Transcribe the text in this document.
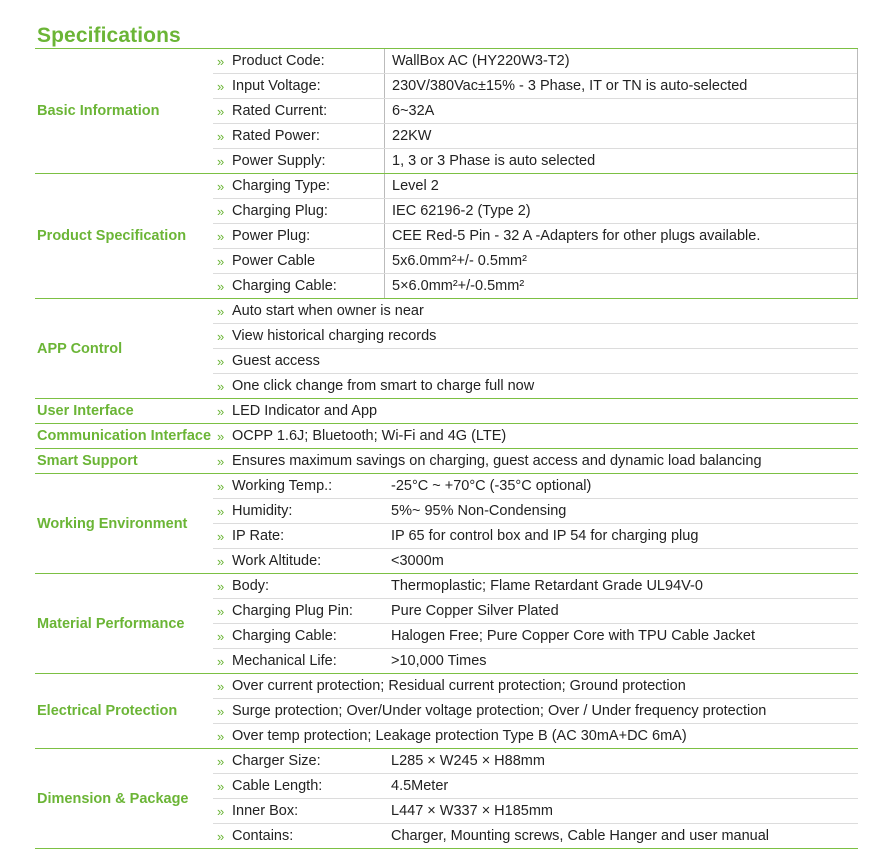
Specifications
Basic Information
» Product Code:	WallBox AC (HY220W3-T2)
» Input Voltage:	230V/380Vac±15% - 3 Phase, IT or TN is auto-selected
» Rated Current:	6~32A
» Rated Power:	22KW
» Power Supply:	1, 3 or 3 Phase is auto selected
Product Specification
» Charging Type:	Level 2
» Charging Plug:	IEC 62196-2 (Type 2)
» Power Plug:	CEE Red-5 Pin - 32 A -Adapters for other plugs available.
» Power Cable	5x6.0mm²+/- 0.5mm²
» Charging Cable:	5×6.0mm²+/-0.5mm²
APP Control
» Auto start when owner is near
» View historical charging records
» Guest access
» One click change from smart to charge full now
User Interface	» LED Indicator and App
Communication Interface » OCPP 1.6J; Bluetooth; Wi-Fi and 4G (LTE)
Smart Support	» Ensures maximum savings on charging, guest access and dynamic load balancing
Working Environment
» Working Temp.:	-25°C ~ +70°C (-35°C optional)
» Humidity:	5%~ 95% Non-Condensing
» IP Rate:	IP 65 for control box and IP 54 for charging plug
» Work Altitude:	<3000m
Material Performance
» Body:	Thermoplastic; Flame Retardant Grade UL94V-0
» Charging Plug Pin:	Pure Copper Silver Plated
» Charging Cable:	Halogen Free; Pure Copper Core with TPU Cable Jacket
» Mechanical Life:	>10,000 Times
Electrical Protection
» Over current protection; Residual current protection; Ground protection
» Surge protection; Over/Under voltage protection; Over / Under frequency protection
» Over temp protection; Leakage protection Type B (AC 30mA+DC 6mA)
Dimension & Package
» Charger Size:	L285 × W245 × H88mm
» Cable Length:	4.5Meter
» Inner Box:	L447 × W337 × H185mm
» Contains:	Charger, Mounting screws, Cable Hanger and user manual
